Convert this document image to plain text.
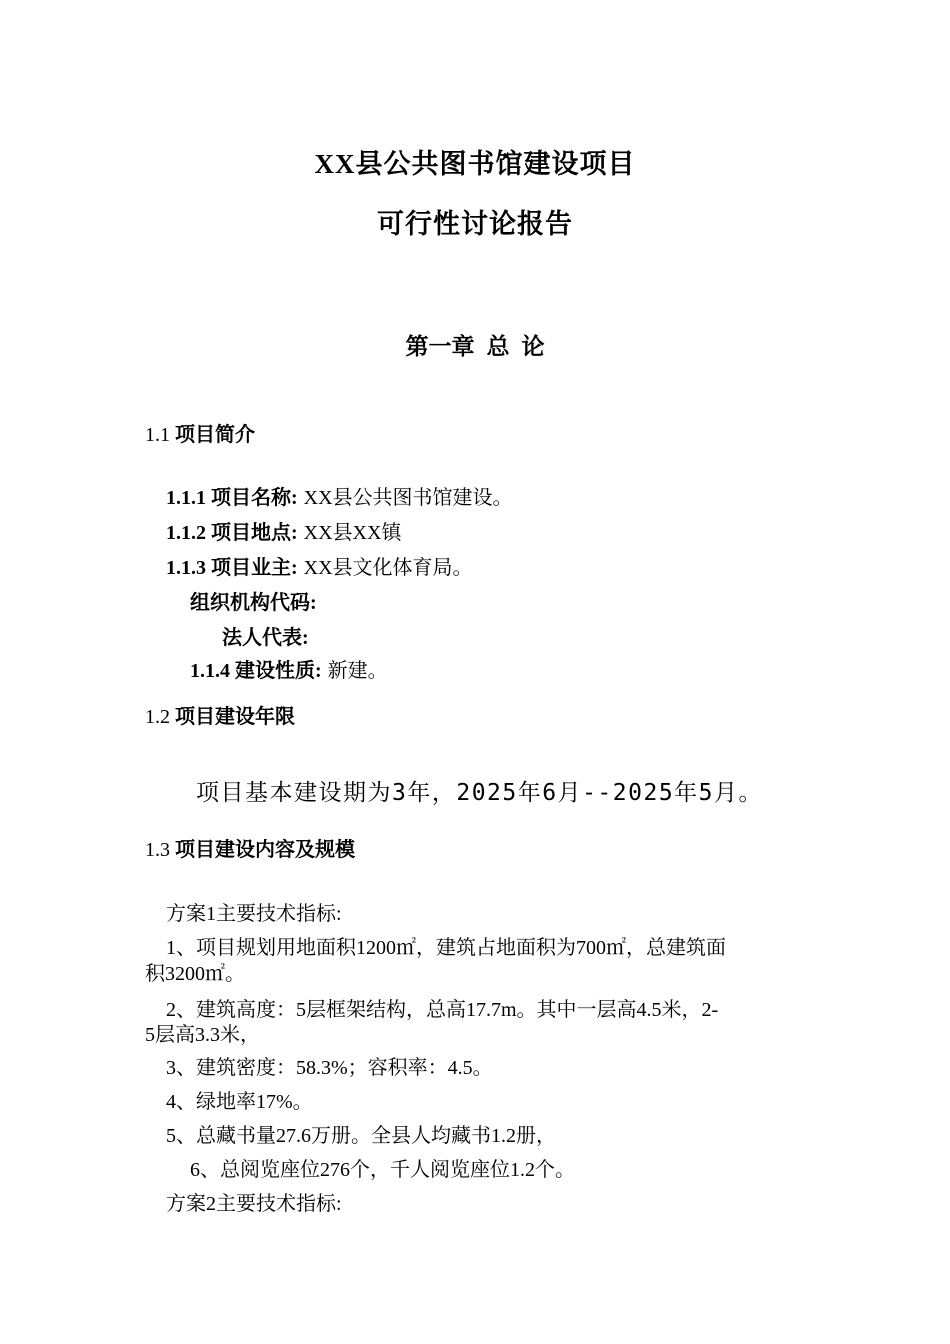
XX县公共图书馆建设项目
可行性讨论报告
第一章 总 论
1.1 项目简介
1.1.1 项目名称: XX县公共图书馆建设。
1.1.2 项目地点: XX县XX镇
1.1.3 项目业主: XX县文化体育局。
组织机构代码:
法人代表:
1.1.4 建设性质: 新建。
1.2 项目建设年限
项目基本建设期为3年，2025年6月--2025年5月。
1.3 项目建设内容及规模
方案1主要技术指标:
1、项目规划用地面积1200㎡，建筑占地面积为700㎡，总建筑面
积3200㎡。
2、建筑高度：5层框架结构，总高17.7m。其中一层高4.5米，2-
5层高3.3米，
3、建筑密度：58.3%；容积率：4.5。
4、绿地率17%。
5、总藏书量27.6万册。全县人均藏书1.2册，
6、总阅览座位276个，千人阅览座位1.2个。
方案2主要技术指标:
